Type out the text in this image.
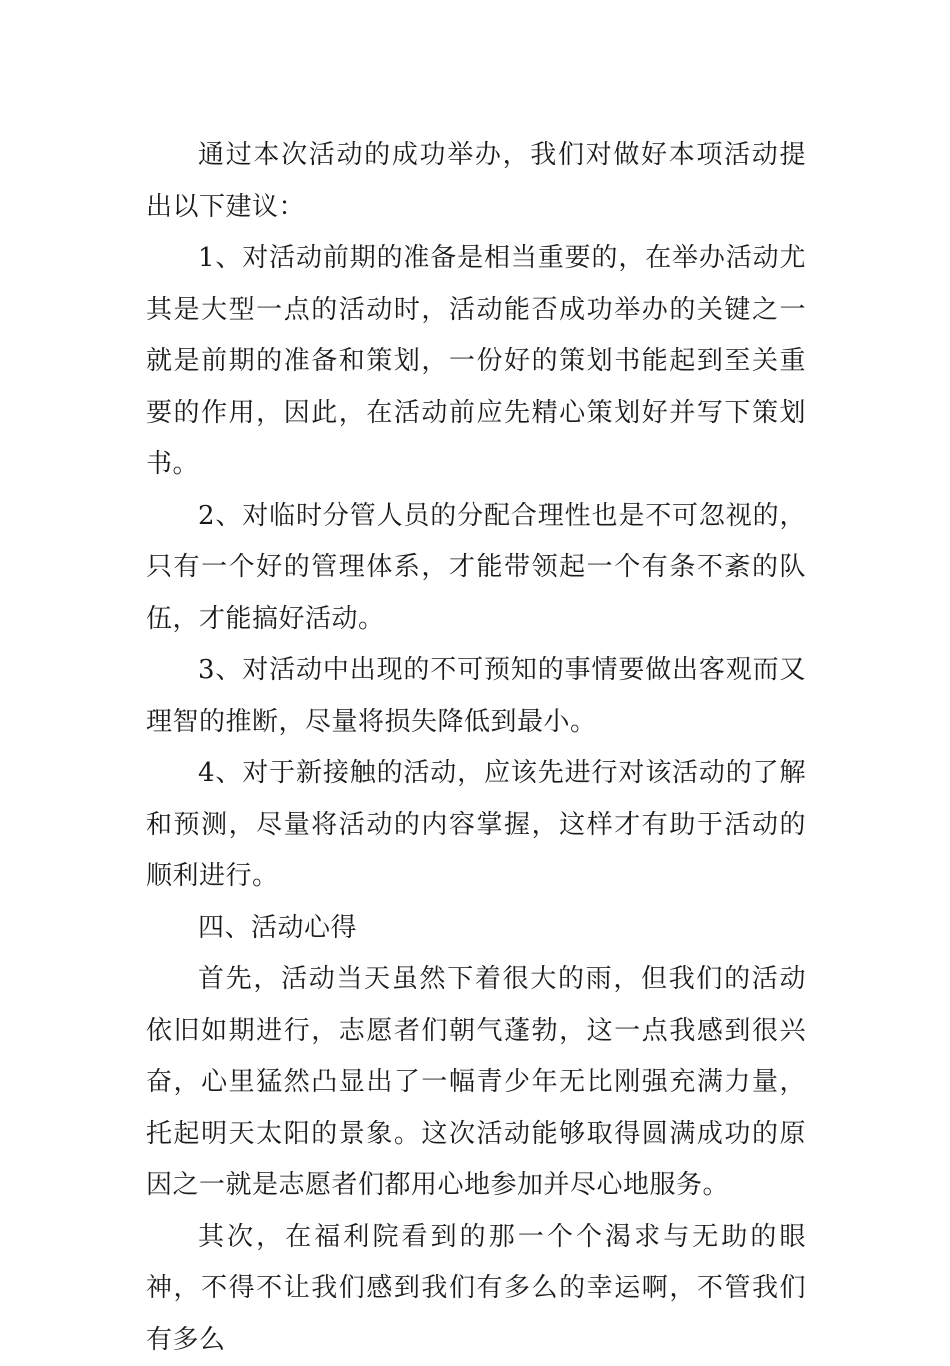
通过本次活动的成功举办，我们对做好本项活动提出以下建议：

1、对活动前期的准备是相当重要的，在举办活动尤其是大型一点的活动时，活动能否成功举办的关键之一就是前期的准备和策划，一份好的策划书能起到至关重要的作用，因此，在活动前应先精心策划好并写下策划书。

2、对临时分管人员的分配合理性也是不可忽视的，只有一个好的管理体系，才能带领起一个有条不紊的队伍，才能搞好活动。

3、对活动中出现的不可预知的事情要做出客观而又理智的推断，尽量将损失降低到最小。

4、对于新接触的活动，应该先进行对该活动的了解和预测，尽量将活动的内容掌握，这样才有助于活动的顺利进行。

四、活动心得

首先，活动当天虽然下着很大的雨，但我们的活动依旧如期进行，志愿者们朝气蓬勃，这一点我感到很兴奋，心里猛然凸显出了一幅青少年无比刚强充满力量，托起明天太阳的景象。这次活动能够取得圆满成功的原因之一就是志愿者们都用心地参加并尽心地服务。

其次，在福利院看到的那一个个渴求与无助的眼神，不得不让我们感到我们有多么的幸运啊，不管我们有多么
